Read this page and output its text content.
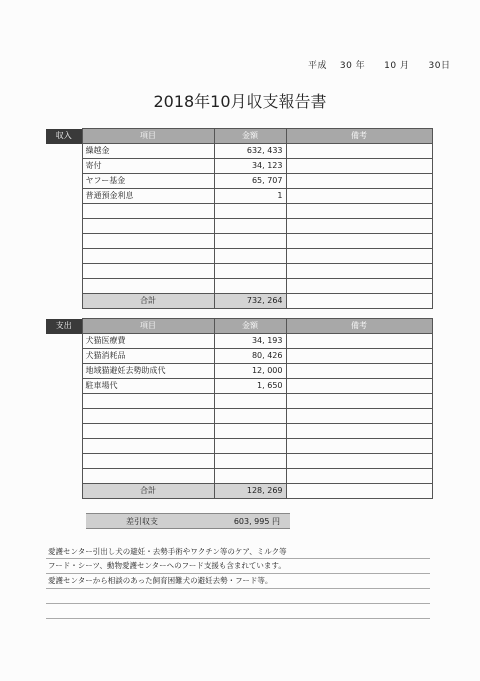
平成　 30 年　　10 月　　30日
2018年10月収支報告書
収入	項目	金額	備考
	繰越金	632, 433	
	寄付	34, 123	
	ヤフー基金	65, 707	
	普通預金利息	1	

	合計	732, 264	
支出	項目	金額	備考
	犬猫医療費	34, 193	
	犬猫消耗品	80, 426	
	地域猫避妊去勢助成代	12, 000	
	駐車場代	1, 650	

	合計	128, 269	
差引収支	603, 995 円
愛護センター引出し犬の避妊・去勢手術やワクチン等のケア、ミルク等
フード・シーツ、動物愛護センターへのフード支援も含まれています。
愛護センターから相談のあった飼育困難犬の避妊去勢・フード等。
